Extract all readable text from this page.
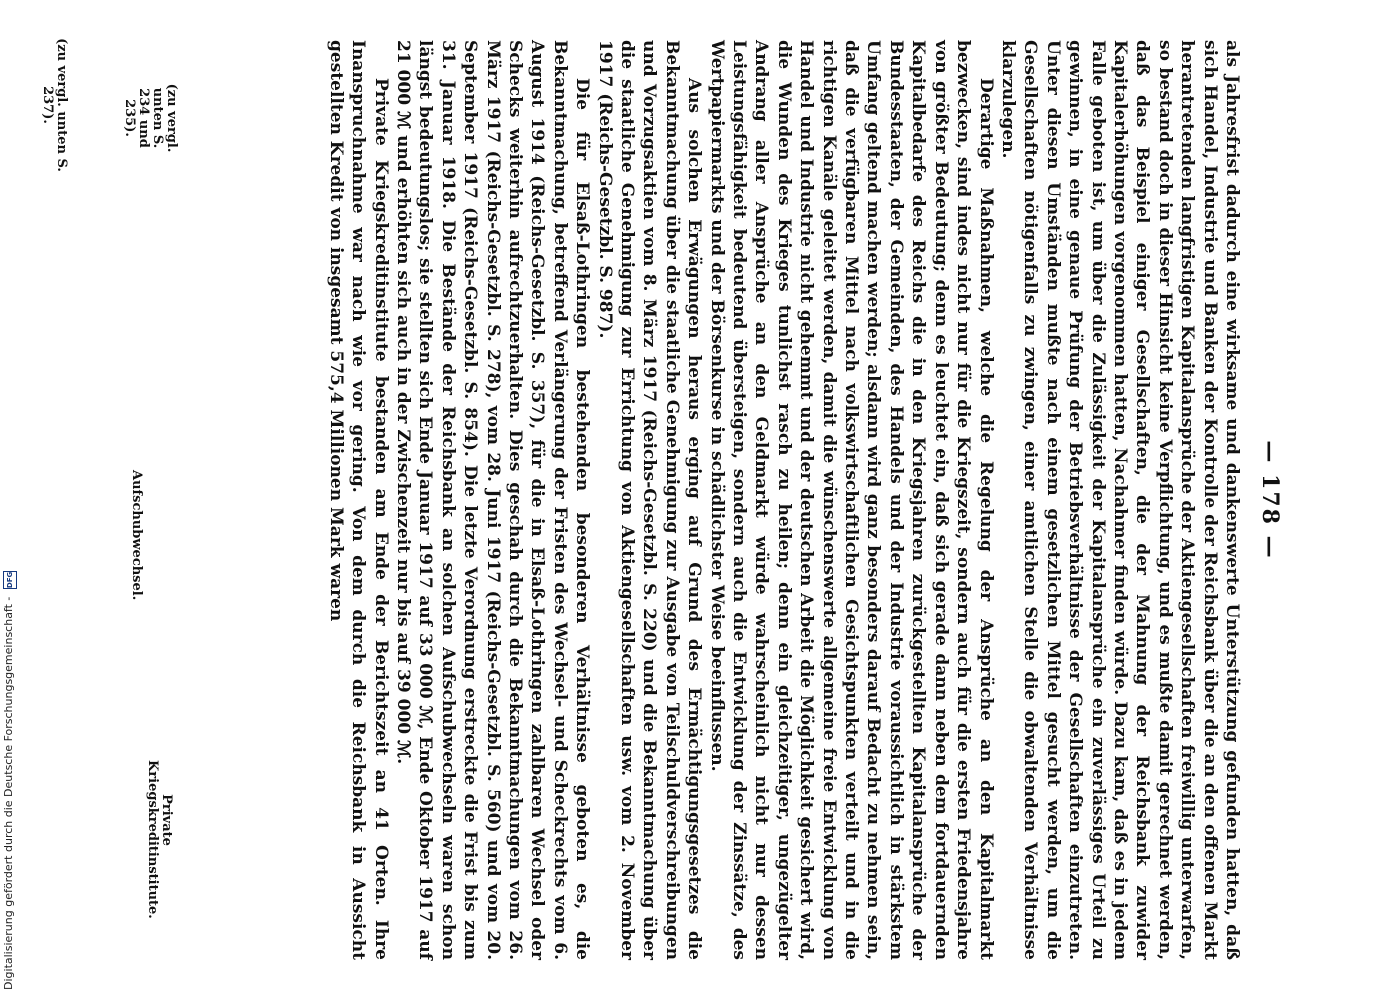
— 178 —

als Jahresfrist dadurch eine wirksame und dankenswerte Unterstützung gefunden hatten, daß sich Handel, Industrie und Banken der Kontrolle der Reichsbank über die an den offenen Markt herantretenden langfristigen Kapitalansprüche der Aktiengesellschaften freiwillig unterwarfen, so bestand doch in dieser Hinsicht keine Verpflichtung, und es mußte damit gerechnet werden, daß das Beispiel einiger Gesellschaften, die der Mahnung der Reichsbank zuwider Kapitalerhöhungen vorgenommen hatten, Nachahmer finden würde. Dazu kam, daß es in jedem Falle geboten ist, um über die Zulässigkeit der Kapitalansprüche ein zuverlässiges Urteil zu gewinnen, in eine genaue Prüfung der Betriebsverhältnisse der Gesellschaften einzutreten. Unter diesen Umständen mußte nach einem gesetzlichen Mittel gesucht werden, um die Gesellschaften nötigenfalls zu zwingen, einer amtlichen Stelle die obwaltenden Verhältnisse klarzulegen.

Derartige Maßnahmen, welche die Regelung der Ansprüche an den Kapitalmarkt bezwecken, sind indes nicht nur für die Kriegszeit, sondern auch für die ersten Friedensjahre von größter Bedeutung; denn es leuchtet ein, daß sich gerade dann neben dem fortdauernden Kapitalbedarfe des Reichs die in den Kriegsjahren zurückgestellten Kapitalansprüche der Bundesstaaten, der Gemeinden, des Handels und der Industrie voraussichtlich in stärkstem Umfang geltend machen werden; alsdann wird ganz besonders darauf Bedacht zu nehmen sein, daß die verfügbaren Mittel nach volkswirtschaftlichen Gesichtspunkten verteilt und in die richtigen Kanäle geleitet werden, damit die wünschenswerte allgemeine freie Entwicklung von Handel und Industrie nicht gehemmt und der deutschen Arbeit die Möglichkeit gesichert wird, die Wunden des Krieges tunlichst rasch zu heilen; denn ein gleichzeitiger, ungezügelter Andrang aller Ansprüche an den Geldmarkt würde wahrscheinlich nicht nur dessen Leistungsfähigkeit bedeutend übersteigen, sondern auch die Entwicklung der Zinssätze, des Wertpapiermarkts und der Börsenkurse in schädlichster Weise beeinflussen.

Aus solchen Erwägungen heraus erging auf Grund des Ermächtigungsgesetzes die Bekanntmachung über die staatliche Genehmigung zur Ausgabe von Teilschuldverschreibungen und Vorzugsaktien vom 8. März 1917 (Reichs-Gesetzbl. S. 220) und die Bekanntmachung über die staatliche Genehmigung zur Errichtung von Aktiengesellschaften usw. vom 2. November 1917 (Reichs-Gesetzbl. S. 987).

Die für Elsaß-Lothringen bestehenden besonderen Verhältnisse geboten es, die Bekanntmachung, betreffend Verlängerung der Fristen des Wechsel- und Scheckrechts vom 6. August 1914 (Reichs-Gesetzbl. S. 357), für die in Elsaß-Lothringen zahlbaren Wechsel oder Schecks weiterhin aufrechtzuerhalten. Dies geschah durch die Bekanntmachungen vom 26. März 1917 (Reichs-Gesetzbl. S. 278), vom 28. Juni 1917 (Reichs-Gesetzbl. S. 560) und vom 20. September 1917 (Reichs-Gesetzbl. S. 854). Die letzte Verordnung erstreckte die Frist bis zum 31. Januar 1918. Die Bestände der Reichsbank an solchen Aufschubwechseln waren schon längst bedeutungslos; sie stellten sich Ende Januar 1917 auf 33 000 ℳ, Ende Oktober 1917 auf 21 000 ℳ und erhöhten sich auch in der Zwischenzeit nur bis auf 39 000 ℳ.

Private Kriegskreditinstitute bestanden am Ende der Berichtszeit an 41 Orten. Ihre Inanspruchnahme war nach wie vor gering. Von dem durch die Reichsbank in Aussicht gestellten Kredit von insgesamt 575,4 Millionen Mark waren

(zu vergl. unten S. 234 und 235).
(zu vergl. unten S. 237).
Aufschubwechsel.
Private Kriegskreditinstitute.
Digitalisierung gefördert durch die Deutsche Forschungsgemeinschaft - DFG
